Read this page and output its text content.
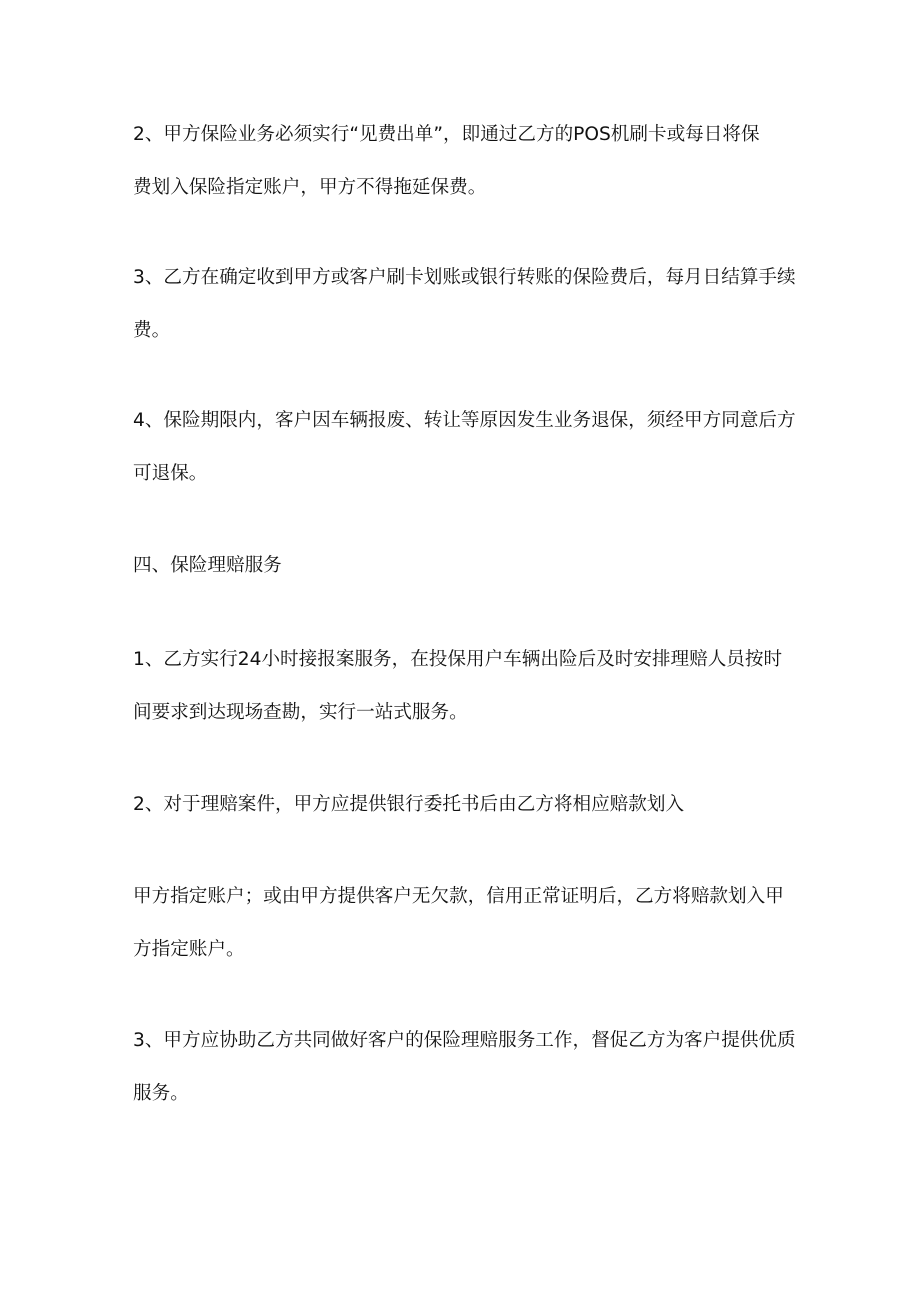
2、甲方保险业务必须实行“见费出单”，即通过乙方的POS机刷卡或每日将保
费划入保险指定账户，甲方不得拖延保费。
3、乙方在确定收到甲方或客户刷卡划账或银行转账的保险费后，每月日结算手续
费。
4、保险期限内，客户因车辆报废、转让等原因发生业务退保，须经甲方同意后方
可退保。
四、保险理赔服务
1、乙方实行24小时接报案服务，在投保用户车辆出险后及时安排理赔人员按时
间要求到达现场查勘，实行一站式服务。
2、对于理赔案件，甲方应提供银行委托书后由乙方将相应赔款划入
甲方指定账户；或由甲方提供客户无欠款，信用正常证明后，乙方将赔款划入甲
方指定账户。
3、甲方应协助乙方共同做好客户的保险理赔服务工作，督促乙方为客户提供优质
服务。
